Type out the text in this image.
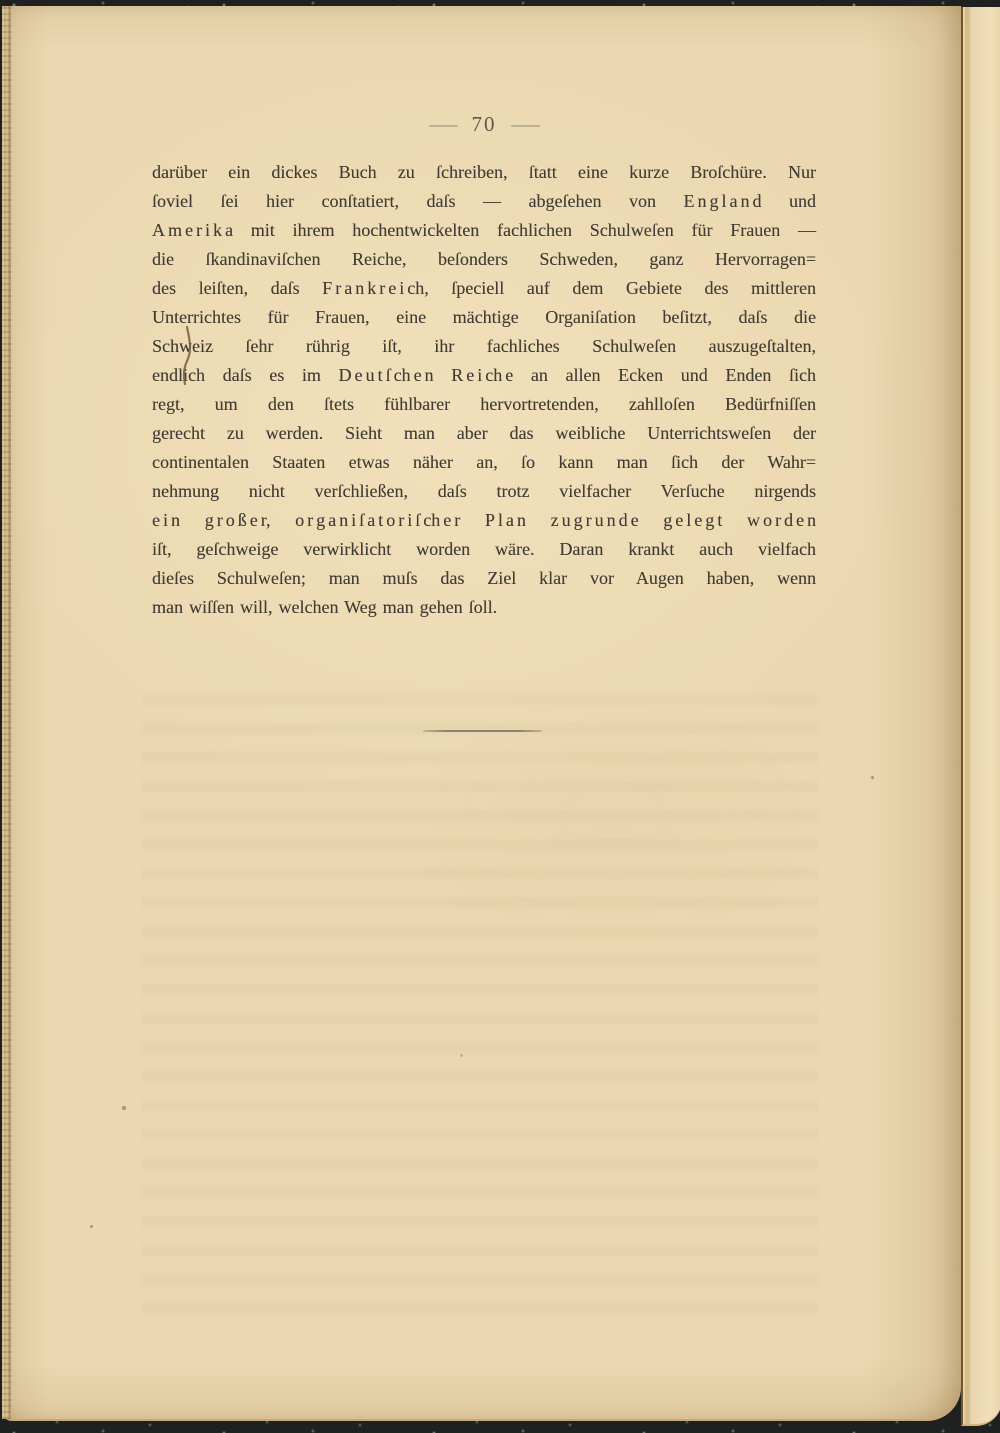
— 70 —
darüber ein dickes Buch zu ſchreiben, ſtatt eine kurze Broſchüre. Nur
ſoviel ſei hier conſtatiert, daſs — abgeſehen von E  n  g  l  a  n  d und
A  m  e  r  i  k  a mit ihrem hochentwickelten fachlichen Schulweſen für Frauen —
die ſkandinaviſchen Reiche, beſonders Schweden, ganz Hervorragen=
des leiſten, daſs F  r  a  n  k  r  e  i  ch, ſpeciell auf dem Gebiete des mittleren
Unterrichtes für Frauen, eine mächtige Organiſation beſitzt, daſs die
Schweiz ſehr rührig iſt, ihr fachliches Schulweſen auszugeſtalten,
endlich daſs es im D  e  u  t  ſ  ch  e  n R  e  i  ch  e an allen Ecken und Enden ſich
regt, um den ſtets fühlbarer hervortretenden, zahlloſen Bedürfniſſen
gerecht zu werden. Sieht man aber das weibliche Unterrichtsweſen der
continentalen Staaten etwas näher an, ſo kann man ſich der Wahr=
nehmung nicht verſchließen, daſs trotz vielfacher Verſuche nirgends
e  i  n g  r  o  ß  e  r, o  r  g  a  n  i  ſ  a  t  o  r  i  ſ  ch  e  r P  l  a  n z  u  g  r  u  n  d  e g  e  l  e  g  t w  o  r  d  e  n
iſt, geſchweige verwirklicht worden wäre. Daran krankt auch vielfach
dieſes Schulweſen; man muſs das Ziel klar vor Augen haben, wenn
man wiſſen will, welchen Weg man gehen ſoll.
